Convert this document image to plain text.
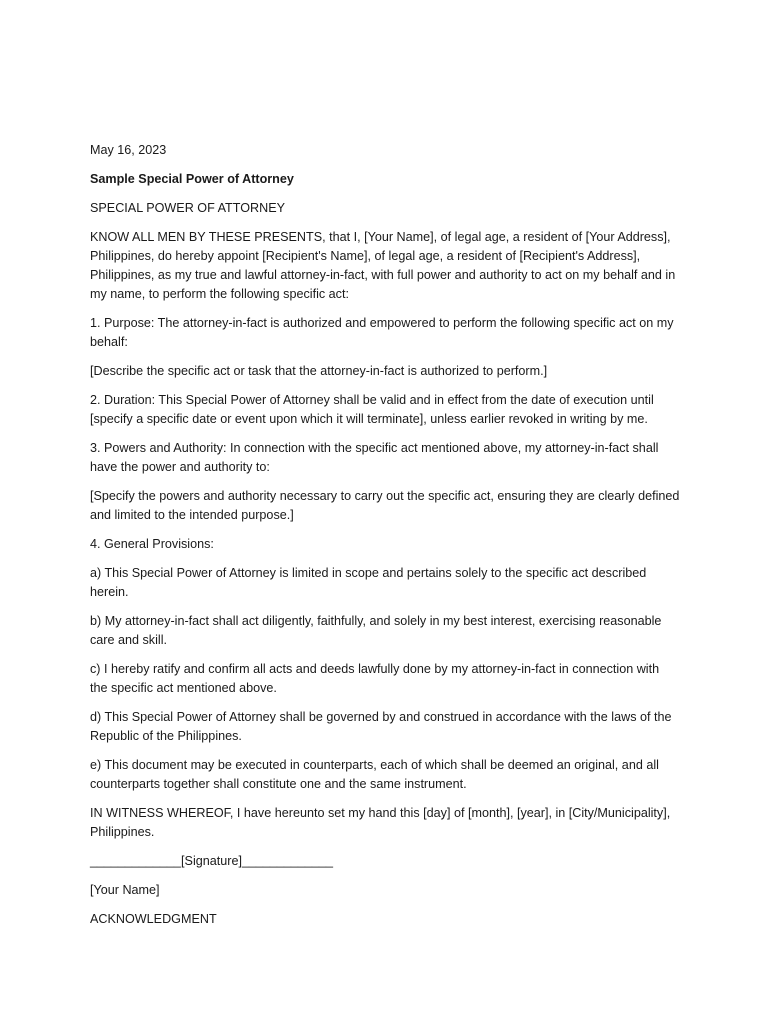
May 16, 2023

Sample Special Power of Attorney

SPECIAL POWER OF ATTORNEY

KNOW ALL MEN BY THESE PRESENTS, that I, [Your Name], of legal age, a resident of [Your Address], Philippines, do hereby appoint [Recipient's Name], of legal age, a resident of [Recipient's Address], Philippines, as my true and lawful attorney-in-fact, with full power and authority to act on my behalf and in my name, to perform the following specific act:

1. Purpose: The attorney-in-fact is authorized and empowered to perform the following specific act on my behalf:

[Describe the specific act or task that the attorney-in-fact is authorized to perform.]

2. Duration: This Special Power of Attorney shall be valid and in effect from the date of execution until [specify a specific date or event upon which it will terminate], unless earlier revoked in writing by me.

3. Powers and Authority: In connection with the specific act mentioned above, my attorney-in-fact shall have the power and authority to:

[Specify the powers and authority necessary to carry out the specific act, ensuring they are clearly defined and limited to the intended purpose.]

4. General Provisions:

a) This Special Power of Attorney is limited in scope and pertains solely to the specific act described herein.

b) My attorney-in-fact shall act diligently, faithfully, and solely in my best interest, exercising reasonable care and skill.

c) I hereby ratify and confirm all acts and deeds lawfully done by my attorney-in-fact in connection with the specific act mentioned above.

d) This Special Power of Attorney shall be governed by and construed in accordance with the laws of the Republic of the Philippines.

e) This document may be executed in counterparts, each of which shall be deemed an original, and all counterparts together shall constitute one and the same instrument.

IN WITNESS WHEREOF, I have hereunto set my hand this [day] of [month], [year], in [City/Municipality], Philippines.

_____________[Signature]_____________

[Your Name]

ACKNOWLEDGMENT
